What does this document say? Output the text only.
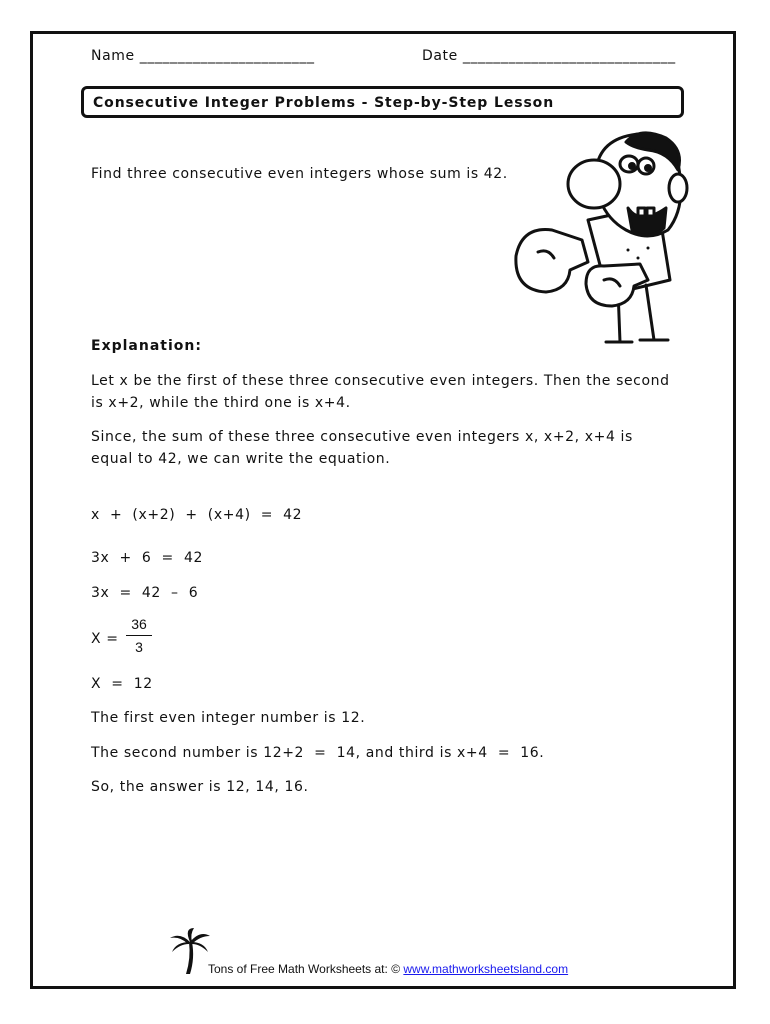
Name _______________________	Date ____________________________
Consecutive Integer Problems - Step-by-Step Lesson
Find three consecutive even integers whose sum is 42.
Explanation:
Let x be the first of these three consecutive even integers. Then the second
is x+2, while the third one is x+4.
Since, the sum of these three consecutive even integers x, x+2, x+4 is
equal to 42, we can write the equation.
x  +  (x+2)  +  (x+4)  =  42
3x  +  6  =  42
3x  =  42  –  6
$X = \frac{36}{3}$
X  =  12
The first even integer number is 12.
The second number is 12+2  =  14, and third is x+4  =  16.
So, the answer is 12, 14, 16.
Tons of Free Math Worksheets at: © www.mathworksheetsland.com
